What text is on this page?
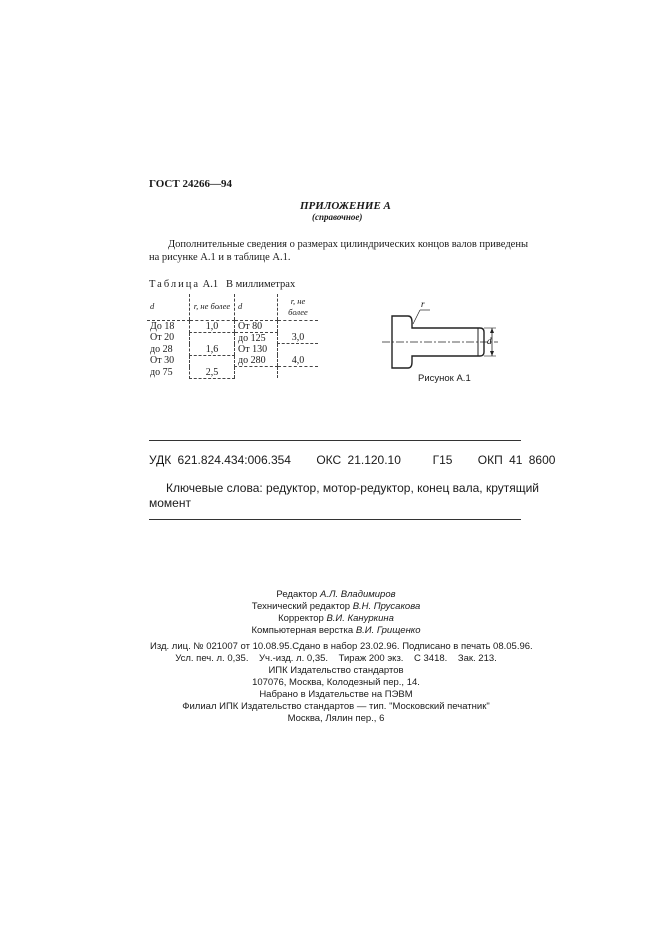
ГОСТ 24266—94
ПРИЛОЖЕНИЕ А
(справочное)
Дополнительные сведения о размерах цилиндрических концов валов приведены
на рисунке А.1 и в таблице А.1.
Таблица А.1 В миллиметрах
d	r, не более	d	r, не более
До 18	1,0	От 80	
От 20		до 125	3,0
до 28	1,6	От 130	
От 30		до 280	4,0
до 75	2,5		
d
r
Рисунок А.1
УДК 621.824.434:006.354 ОКС 21.120.10	Г15 ОКП 41 8600
Ключевые слова: редуктор, мотор-редуктор, конец вала, крутящий
момент
Редактор А.Л. Владимиров
Технический редактор В.Н. Прусакова
Корректор В.И. Кануркина
Компьютерная верстка В.И. Грищенко
Изд. лиц. № 021007 от 10.08.95.Сдано в набор 23.02.96. Подписано в печать 08.05.96.
Усл. печ. л. 0,35.    Уч.-изд. л. 0,35.    Тираж 200 экз.    С 3418.    Зак. 213.
ИПК Издательство стандартов
107076, Москва, Колодезный пер., 14.
Набрано в Издательстве на ПЭВМ
Филиал ИПК Издательство стандартов — тип. "Московский печатник"
Москва, Лялин пер., 6
